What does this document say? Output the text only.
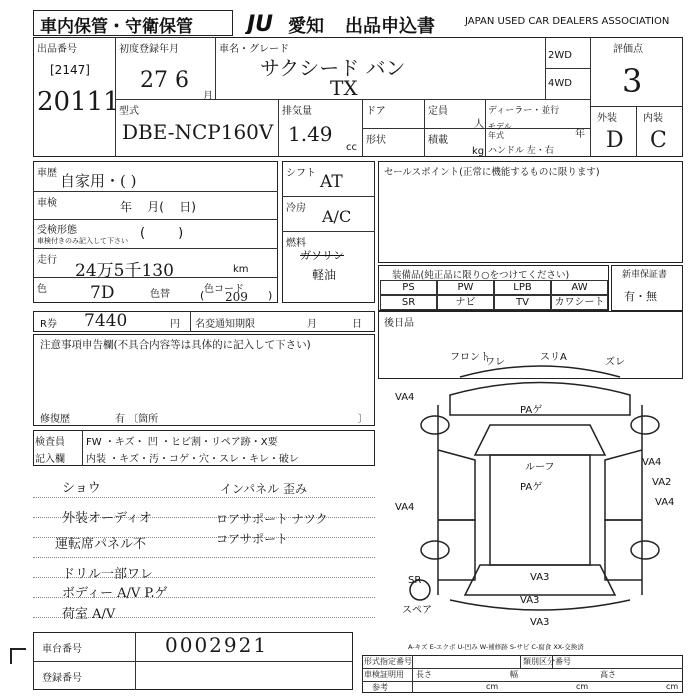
車内保管・守衛保管 JU 愛知 出品申込書	JAPAN USED CAR DEALERS ASSOCIATION
出品番号
[2147]
20111
初度登録年月
27 6
月
車名・グレード
サクシード バン
TX
2WD
4WD
評価点
3
外装	内装
D C
型式
DBE-NCP160V
排気量
1.49
cc
ドア	定員
人
形状	積載
kg
ディーラー・並行
モデル年式	年
ハンドル 左・右
車歴 自家用・( )
車検	年    月(    日)
受検形態
車検付きのみ記入して下さい (        )
走行
24万5千130	km
色	7D	色替	色コード
209
(	)
シフト AT
冷房 A/C
燃料
ガソリン
軽油
セールスポイント(正常に機能するものに限ります)
装備品(純正品に限り○をつけてください)
PS	PW	LPB	AW
SR	ナビ	TV	カワシート
新車保証書
有・無
R券 7440	円 名変通知期限	月	日 後日品
注意事項申告欄(不具合内容等は具体的に記入して下さい)
修復歴	有 〔箇所	〕
検査員
記入欄
FW ・キズ・ 凹 ・ヒビ割・リペア跡・X要
内装 ・キズ・汚・コゲ・穴・スレ・キレ・破レ
ショウ
外装オーディオ
運転席パネル不
ドリル一部ワレ
ボディー A/V P.ゲ
荷室 A/V
インパネル 歪み
ロアサポート ナツク
コアサポート
車台番号	0002921
登録番号
形式指定番号	類別区分番号
車検証明用
参考
長さ	幅	高さ
cm	cm	cm
フロント
ワレ	スリA	ズレ
VA4
PAゲ
VA4
VA2
ルーフ
PAゲ
VA4	VA4
VA3
SR
VA3
スペア
VA3
A-キズ E-エクボ U-凹み W-補修跡 S-サビ C-腐食 XX-交換済
